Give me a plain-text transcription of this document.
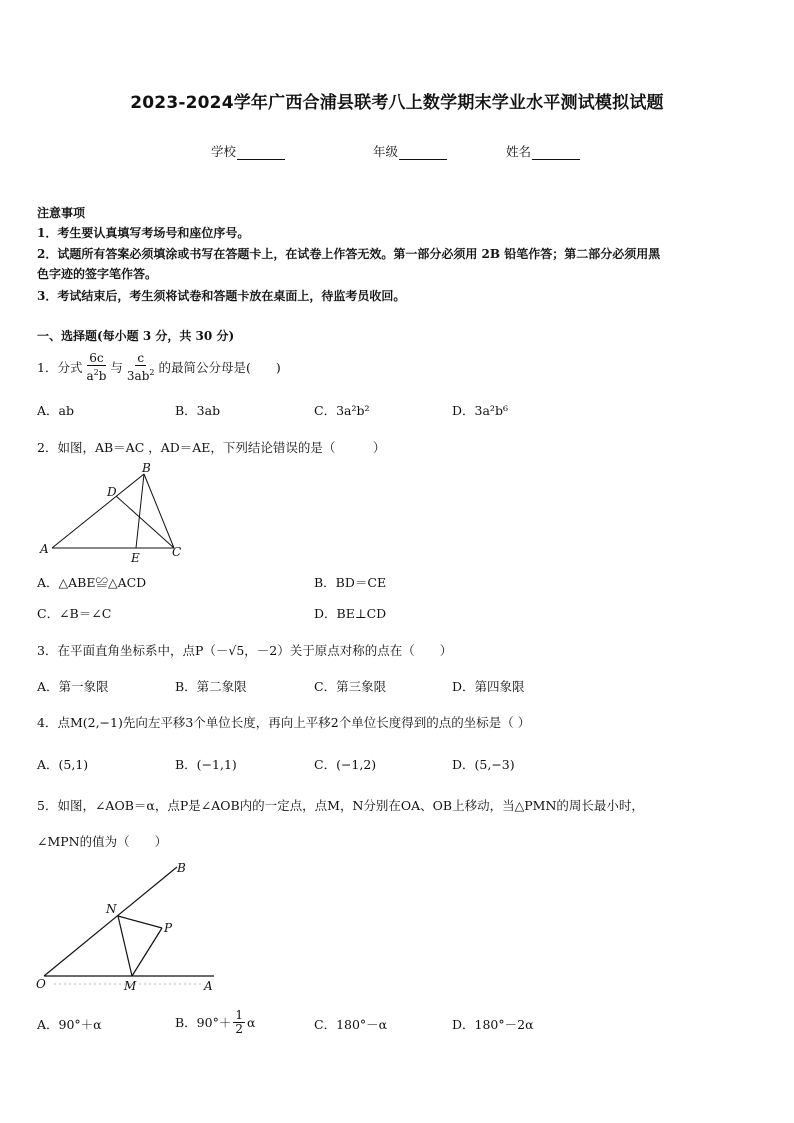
2023-2024学年广西合浦县联考八上数学期末学业水平测试模拟试题
学校	年级	姓名
注意事项
1．考生要认真填写考场号和座位序号。
2．试题所有答案必须填涂或书写在答题卡上，在试卷上作答无效。第一部分必须用 2B 铅笔作答；第二部分必须用黑
色字迹的签字笔作答。
3．考试结束后，考生须将试卷和答题卡放在桌面上，待监考员收回。
一、选择题(每小题 3 分，共 30 分)
1．分式 $\frac{6c}{a^2b}$ 与 $\frac{c}{3ab^2}$ 的最简公分母是(　　)
A．ab	B．3ab	C．3a²b²	D．3a²b⁶
2．如图，AB＝AC ，AD＝AE，下列结论错误的是（　　　）
A
B
C
D
E
A．△ABE≌△ACD	B．BD＝CE
C．∠B＝∠C	D．BE⊥CD
3．在平面直角坐标系中，点P（－√5，－2）关于原点对称的点在（　　）
A．第一象限	B．第二象限	C．第三象限	D．第四象限
4．点M(2,−1)先向左平移3个单位长度，再向上平移2个单位长度得到的点的坐标是（ ）
A．(5,1)	B．(−1,1)	C．(−1,2)	D．(5,−3)
5．如图，∠AOB＝α，点P是∠AOB内的一定点，点M，N分别在OA、OB上移动，当△PMN的周长最小时，
∠MPN的值为（　　）
O	A
B
M
N
P
A．90°＋α	B．$90^\circ+ \frac{1}{2}$ α	C．180°－α	D．180°－2α
